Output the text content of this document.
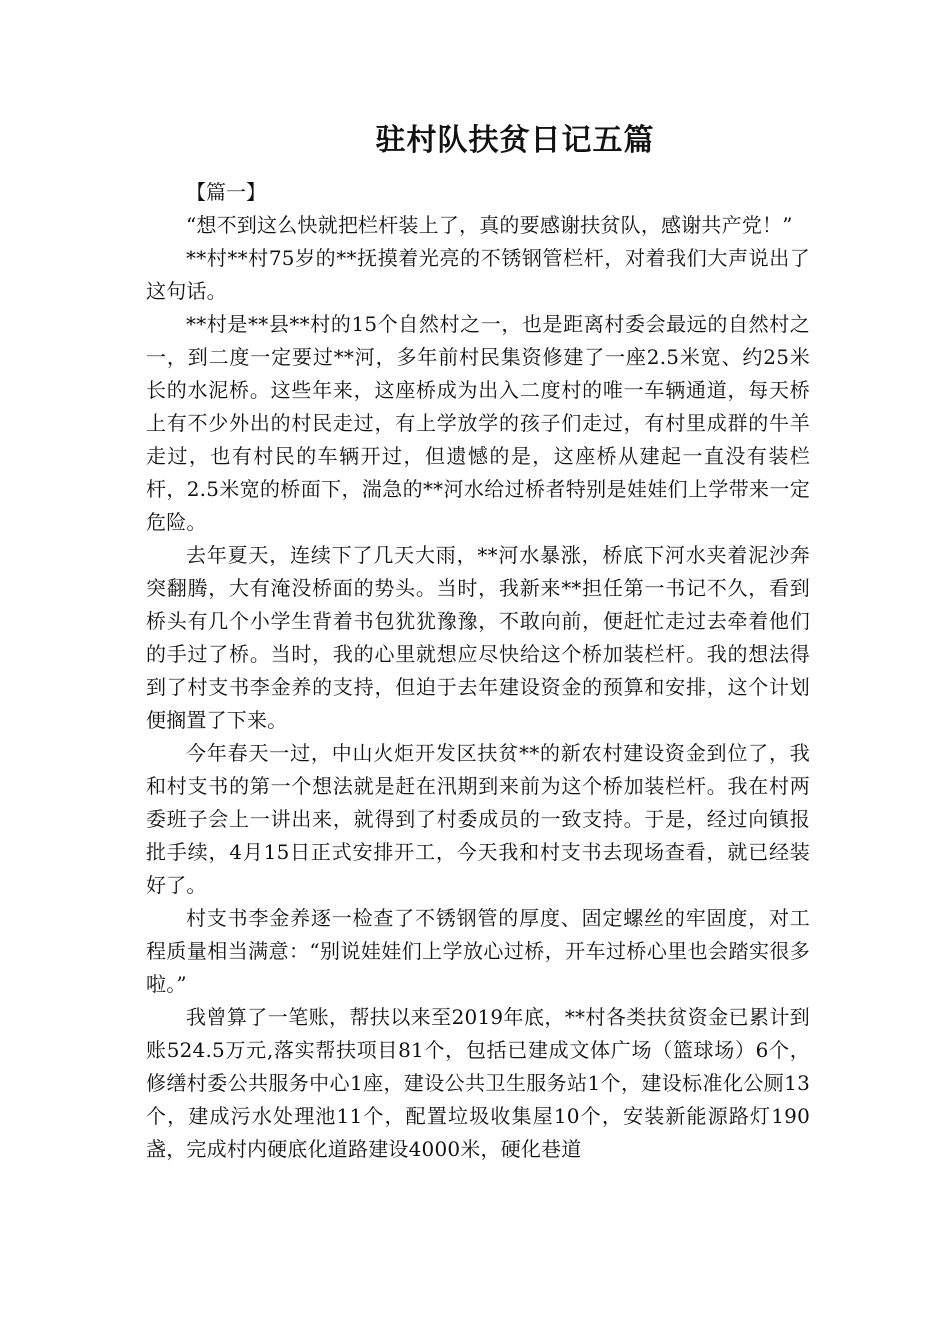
驻村队扶贫日记五篇

【篇一】

“想不到这么快就把栏杆装上了，真的要感谢扶贫队，感谢共产党！”

**村**村75岁的**抚摸着光亮的不锈钢管栏杆，对着我们大声说出了这句话。

**村是**县**村的15个自然村之一，也是距离村委会最远的自然村之一，到二度一定要过**河，多年前村民集资修建了一座2.5米宽、约25米长的水泥桥。这些年来，这座桥成为出入二度村的唯一车辆通道，每天桥上有不少外出的村民走过，有上学放学的孩子们走过，有村里成群的牛羊走过，也有村民的车辆开过，但遗憾的是，这座桥从建起一直没有装栏杆，2.5米宽的桥面下，湍急的**河水给过桥者特别是娃娃们上学带来一定危险。

去年夏天，连续下了几天大雨，**河水暴涨，桥底下河水夹着泥沙奔突翻腾，大有淹没桥面的势头。当时，我新来**担任第一书记不久，看到桥头有几个小学生背着书包犹犹豫豫，不敢向前，便赶忙走过去牵着他们的手过了桥。当时，我的心里就想应尽快给这个桥加装栏杆。我的想法得到了村支书李金养的支持，但迫于去年建设资金的预算和安排，这个计划便搁置了下来。

今年春天一过，中山火炬开发区扶贫**的新农村建设资金到位了，我和村支书的第一个想法就是赶在汛期到来前为这个桥加装栏杆。我在村两委班子会上一讲出来，就得到了村委成员的一致支持。于是，经过向镇报批手续，4月15日正式安排开工，今天我和村支书去现场查看，就已经装好了。

村支书李金养逐一检查了不锈钢管的厚度、固定螺丝的牢固度，对工程质量相当满意：“别说娃娃们上学放心过桥，开车过桥心里也会踏实很多啦。”

我曾算了一笔账，帮扶以来至2019年底，**村各类扶贫资金已累计到账524.5万元,落实帮扶项目81个，包括已建成文体广场（篮球场）6个，修缮村委公共服务中心1座，建设公共卫生服务站1个，建设标准化公厕13个，建成污水处理池11个，配置垃圾收集屋10个，安装新能源路灯190盏，完成村内硬底化道路建设4000米，硬化巷道
